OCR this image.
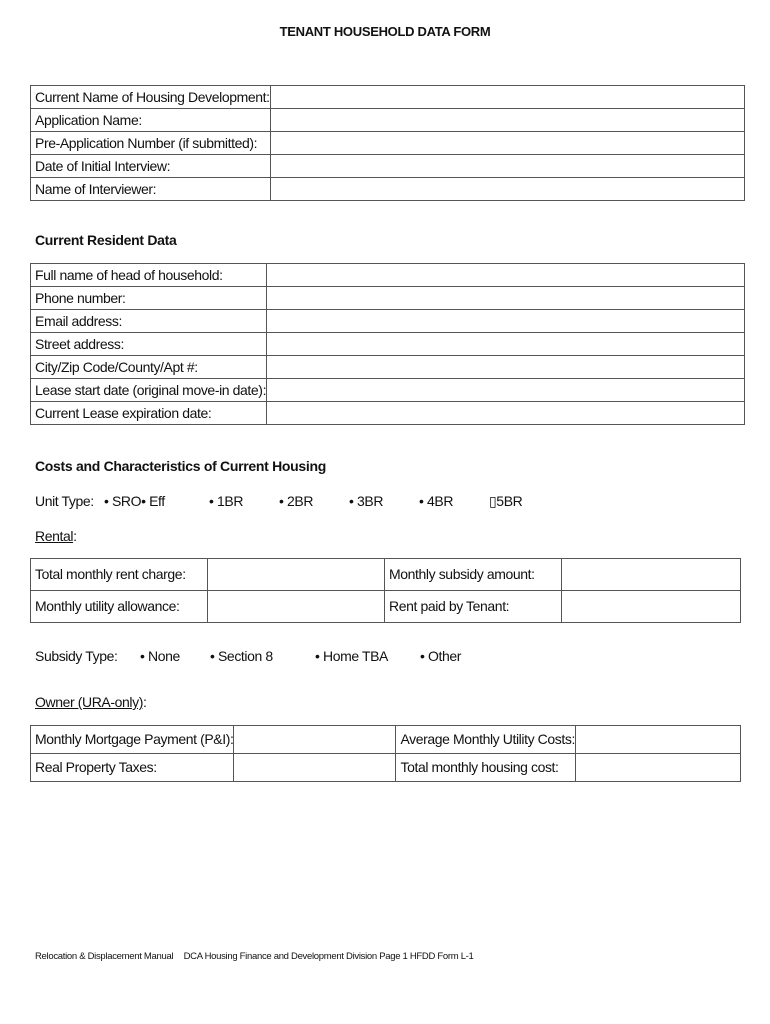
TENANT HOUSEHOLD DATA FORM
Current Name of Housing Development:	
Application Name:	
Pre-Application Number (if submitted):	
Date of Initial Interview:	
Name of Interviewer:	
Current Resident Data
Full name of head of household:	
Phone number:	
Email address:	
Street address:	
City/Zip Code/County/Apt #:	
Lease start date (original move-in date):	
Current Lease expiration date:	
Costs and Characteristics of Current Housing
Unit Type: • SRO• Eff	• 1BR	• 2BR	• 3BR	• 4BR	▯5BR
Rental:
Total monthly rent charge:		Monthly subsidy amount:	
Monthly utility allowance:		Rent paid by Tenant:	
Subsidy Type: • None • Section 8	• Home TBA • Other
Owner (URA-only):
Monthly Mortgage Payment (P&I):		Average Monthly Utility Costs:	
Real Property Taxes:		Total monthly housing cost:	
Relocation & Displacement Manual DCA Housing Finance and Development Division Page 1 HFDD Form L-1
